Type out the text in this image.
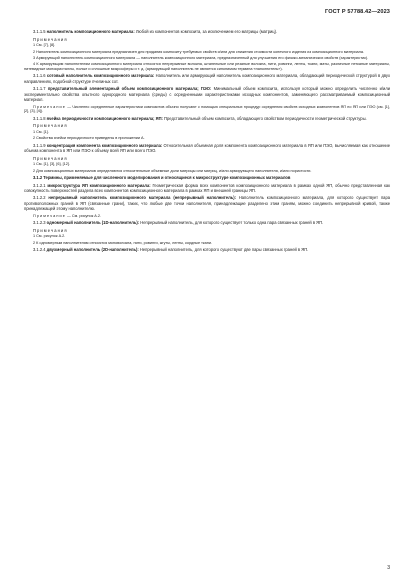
ГОСТ Р 57788.42—2023

3.1.1.5 наполнитель композиционного материала: Любой из компонентов композита, за исключением его матрицы (матриц).

Примечания

1 См. [7], [8].

2 Наполнитель композиционного материала предназначен для придания композиту требуемых свойств и/или для снижения стоимости конечного изделия из композиционного материала.

3 Армирующий наполнитель композиционного материала — наполнитель композиционного материала, предназначенный для улучшения его физико-механических свойств (характеристик).

4 К армирующим наполнителям композиционного материала относятся непрерывные волокна, штапельные или резаные волокна, нити, ровинги, ленты, ткани, маты, различные нетканые материалы, нитевидные монокристаллы, полые и сплошные микросферы и т. д. (армирующий наполнитель не является синонимом термина «наполнитель»).

3.1.1.6 сотовый наполнитель композиционного материала: Наполнитель или армирующий наполнитель композиционного материала, обладающий периодической структурой в двух направлениях, подобной структуре пчелиных сот.

3.1.1.7 представительный элементарный объем композиционного материала; ПЭО: Минимальный объем композита, используя который можно определить численно и/или экспериментально свойства опытного однородного материала (среды) с осредненными характеристиками исходных компонентов, заменяющего рассматриваемый композиционный материал.

Примечание — Численно осредненные характеристики композитов обычно получают с помощью специальных процедур осреднения свойств исходных компонентов ЯП по ЯП или ПЭО (см. [1], [2], [3], [4]).

3.1.1.8 ячейка периодичности композиционного материала; ЯП: Представительный объем композита, обладающего свойством периодичности геометрической структуры.

Примечания

1 См. [1].

2 Свойства ячейки периодичности приведены в приложении А.

3.1.1.9 концентрация компонента композиционного материала: Относительная объемная доля компонента композиционного материала в ЯП или ПЭО, вычисляемая как отношение объема компонента в ЯП или ПЭО к объему всей ЯП или всего ПЭО.

Примечания

1 См. [1], [3], [6], [12].

2 Для композиционных материалов определяются относительные объемные доли матрицы или матриц, и/или армирующего наполнителя, и/или пористости.

3.1.2 Термины, применяемые для численного моделирования и относящиеся к микроструктуре композиционных материалов

3.1.2.1 микроструктура ЯП композиционного материала: Геометрическая форма всех компонентов композиционного материала в рамках одной ЯП, обычно представленная как совокупность поверхностей раздела всех компонентов композиционного материала в рамках ЯП и внешней границы ЯП.

3.1.2.2 непрерывный наполнитель композиционного материала (непрерывный наполнитель): Наполнитель композиционного материала, для которого существует пара противоположных граней в ЯП (связанные грани), таких, что любые две точки наполнителя, принадлежащие разделено этим граням, можно соединить непрерывной кривой, также принадлежащей этому наполнителю.

Примечание — См. рисунок А.2.

3.1.2.3 одномерный наполнитель (1D-наполнитель): Непрерывный наполнитель, для которого существует только одна пара связанных граней в ЯП.

Примечания

1 См. рисунок А.2.

2 К одномерным наполнителям относятся моноволокна, нити, ровинги, жгуты, ленты, кордные ткани.

3.1.2.4 двухмерный наполнитель (2D-наполнитель): Непрерывный наполнитель, для которого существуют две пары связанных граней в ЯП.

3
